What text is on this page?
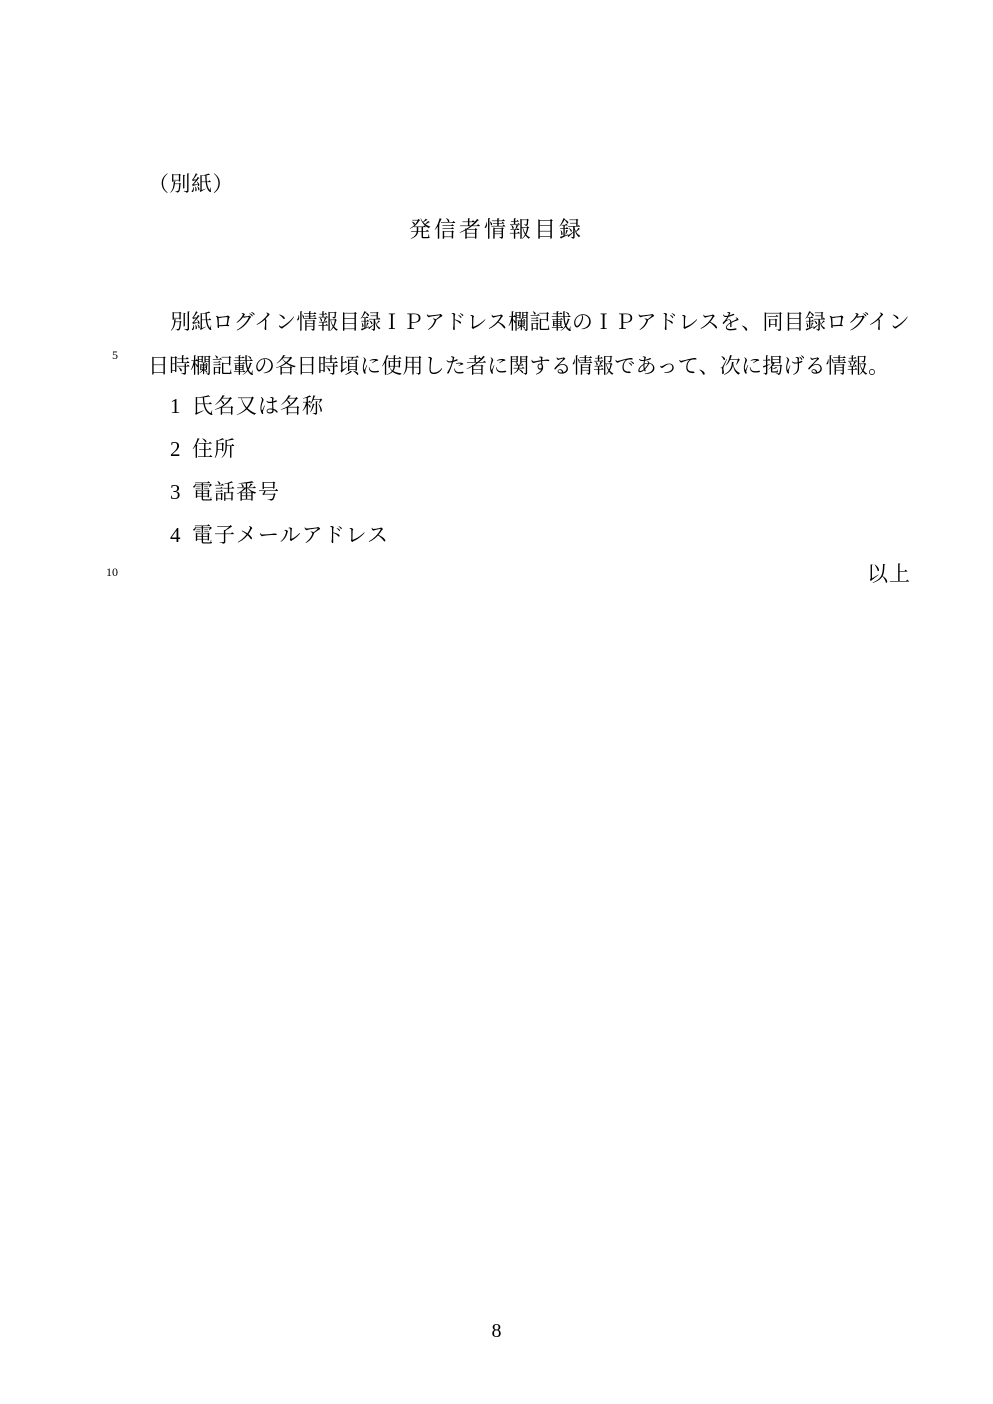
5
10
（別紙）
発信者情報目録
別紙ログイン情報目録ＩＰアドレス欄記載のＩＰアドレスを、同目録ログイン日時欄記載の各日時頃に使用した者に関する情報であって、次に掲げる情報。
1 氏名又は名称
2 住所
3 電話番号
4 電子メールアドレス
以上
8
